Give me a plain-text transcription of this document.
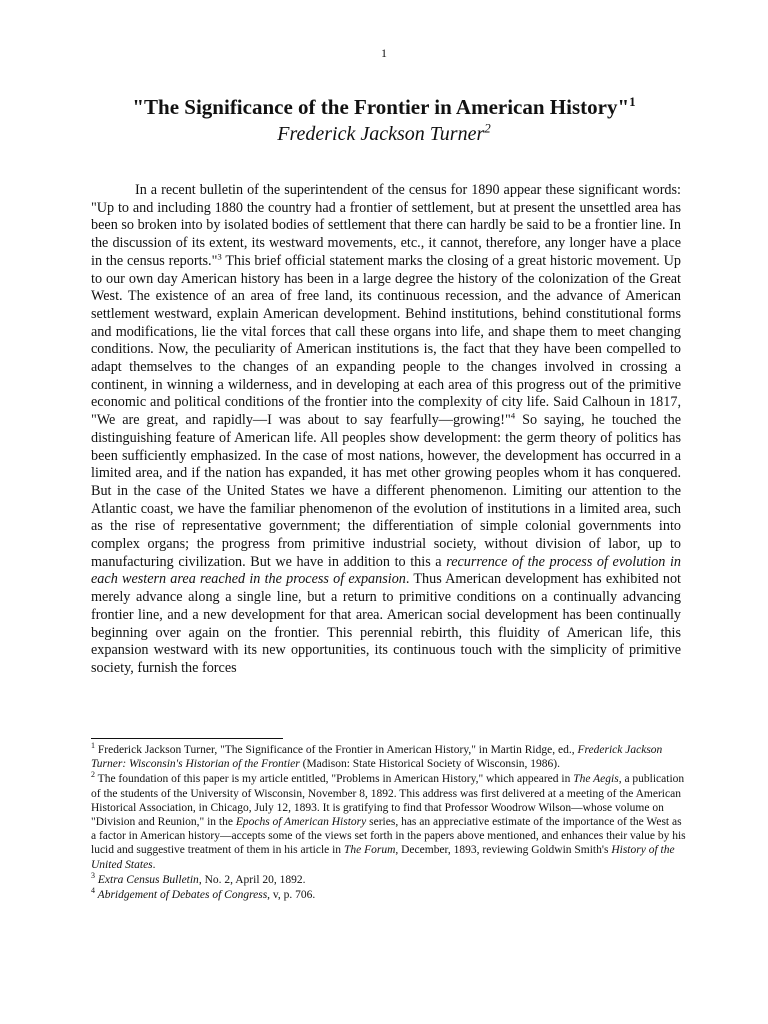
1
"The Significance of the Frontier in American History"$^1$
Frederick Jackson Turner$^2$

In a recent bulletin of the superintendent of the census for 1890 appear these significant words: "Up to and including 1880 the country had a frontier of settlement, but at present the unsettled area has been so broken into by isolated bodies of settlement that there can hardly be said to be a frontier line. In the discussion of its extent, its westward movements, etc., it cannot, therefore, any longer have a place in the census reports."$^3$ This brief official statement marks the closing of a great historic movement. Up to our own day American history has been in a large degree the history of the colonization of the Great West. The existence of an area of free land, its continuous recession, and the advance of American settlement westward, explain American development. Behind institutions, behind constitutional forms and modifications, lie the vital forces that call these organs into life, and shape them to meet changing conditions. Now, the peculiarity of American institutions is, the fact that they have been compelled to adapt themselves to the changes of an expanding people to the changes involved in crossing a continent, in winning a wilderness, and in developing at each area of this progress out of the primitive economic and political conditions of the frontier into the complexity of city life. Said Calhoun in 1817, "We are great, and rapidly—I was about to say fearfully—growing!"$^4$ So saying, he touched the distinguishing feature of American life. All peoples show development: the germ theory of politics has been sufficiently emphasized. In the case of most nations, however, the development has occurred in a limited area, and if the nation has expanded, it has met other growing peoples whom it has conquered. But in the case of the United States we have a different phenomenon. Limiting our attention to the Atlantic coast, we have the familiar phenomenon of the evolution of institutions in a limited area, such as the rise of representative government; the differentiation of simple colonial governments into complex organs; the progress from primitive industrial society, without division of labor, up to manufacturing civilization. But we have in addition to this a recurrence of the process of evolution in each western area reached in the process of expansion. Thus American development has exhibited not merely advance along a single line, but a return to primitive conditions on a continually advancing frontier line, and a new development for that area. American social development has been continually beginning over again on the frontier. This perennial rebirth, this fluidity of American life, this expansion westward with its new opportunities, its continuous touch with the simplicity of primitive society, furnish the forces

$^1$ Frederick Jackson Turner, "The Significance of the Frontier in American History," in Martin Ridge, ed., Frederick Jackson Turner: Wisconsin's Historian of the Frontier (Madison: State Historical Society of Wisconsin, 1986).
$^2$ The foundation of this paper is my article entitled, "Problems in American History," which appeared in The Aegis, a publication of the students of the University of Wisconsin, November 8, 1892. This address was first delivered at a meeting of the American Historical Association, in Chicago, July 12, 1893. It is gratifying to find that Professor Woodrow Wilson—whose volume on "Division and Reunion," in the Epochs of American History series, has an appreciative estimate of the importance of the West as a factor in American history—accepts some of the views set forth in the papers above mentioned, and enhances their value by his lucid and suggestive treatment of them in his article in The Forum, December, 1893, reviewing Goldwin Smith's History of the United States.
$^3$ Extra Census Bulletin, No. 2, April 20, 1892.
$^4$ Abridgement of Debates of Congress, v, p. 706.
